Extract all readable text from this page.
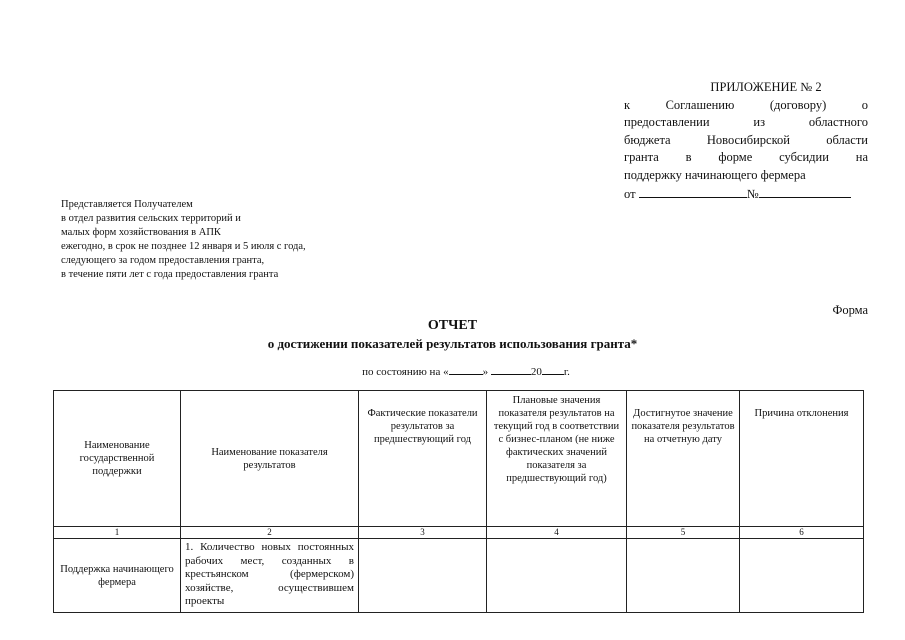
ПРИЛОЖЕНИЕ № 2
к Соглашению (договору) о
предоставлении из областного
бюджета Новосибирской области
гранта в форме субсидии на
поддержку начинающего фермера
от	№
Представляется Получателем
в отдел развития сельских территорий и
малых форм хозяйствования в АПК
ежегодно, в срок не позднее 12 января и 5 июля с года,
следующего за годом предоставления гранта,
в течение пяти лет с года предоставления гранта
Форма
ОТЧЕТ
о достижении показателей результатов использования гранта*
по состоянию на «	»	20 г.
Наименование государственной поддержки	Наименование показателя результатов	Фактические показатели результатов за предшествующий год	Плановые значения показателя результатов на текущий год в соответствии с бизнес-планом (не ниже фактических значений показателя за предшествующий год)	Достигнутое значение показателя результатов на отчетную дату	Причина отклонения
1	2	3	4	5	6
Поддержка начинающего фермера	1. Количество новых постоянных рабочих мест, созданных в крестьянском (фермерском) хозяйстве, осуществившем проекты				
